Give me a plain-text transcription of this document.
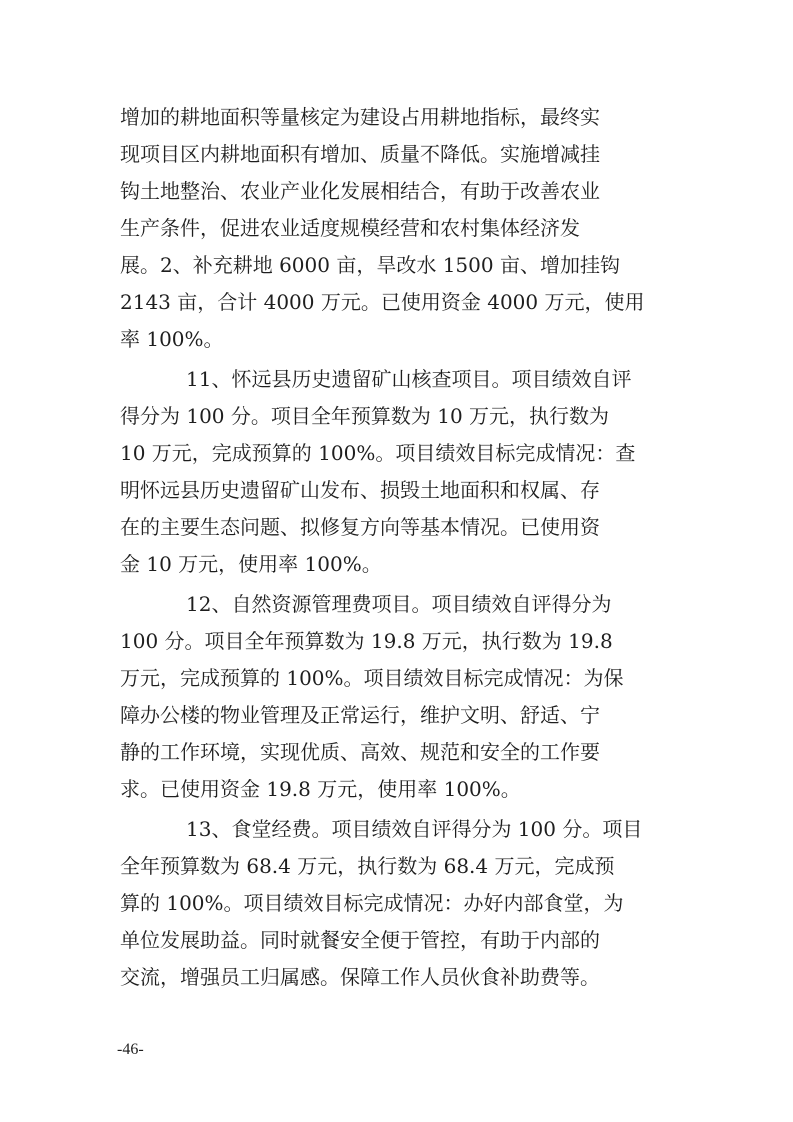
增加的耕地面积等量核定为建设占用耕地指标，最终实
现项目区内耕地面积有增加、质量不降低。实施增减挂
钩土地整治、农业产业化发展相结合，有助于改善农业
生产条件，促进农业适度规模经营和农村集体经济发
展。2、补充耕地 6000 亩，旱改水 1500 亩、增加挂钩
2143 亩，合计 4000 万元。已使用资金 4000 万元，使用
率 100%。
11、怀远县历史遗留矿山核查项目。项目绩效自评
得分为 100 分。项目全年预算数为 10 万元，执行数为
10 万元，完成预算的 100%。项目绩效目标完成情况：查
明怀远县历史遗留矿山发布、损毁土地面积和权属、存
在的主要生态问题、拟修复方向等基本情况。已使用资
金 10 万元，使用率 100%。
12、自然资源管理费项目。项目绩效自评得分为
100 分。项目全年预算数为 19.8 万元，执行数为 19.8
万元，完成预算的 100%。项目绩效目标完成情况：为保
障办公楼的物业管理及正常运行，维护文明、舒适、宁
静的工作环境，实现优质、高效、规范和安全的工作要
求。已使用资金 19.8 万元，使用率 100%。
13、食堂经费。项目绩效自评得分为 100 分。项目
全年预算数为 68.4 万元，执行数为 68.4 万元，完成预
算的 100%。项目绩效目标完成情况：办好内部食堂，为
单位发展助益。同时就餐安全便于管控，有助于内部的
交流，增强员工归属感。保障工作人员伙食补助费等。
-46-
